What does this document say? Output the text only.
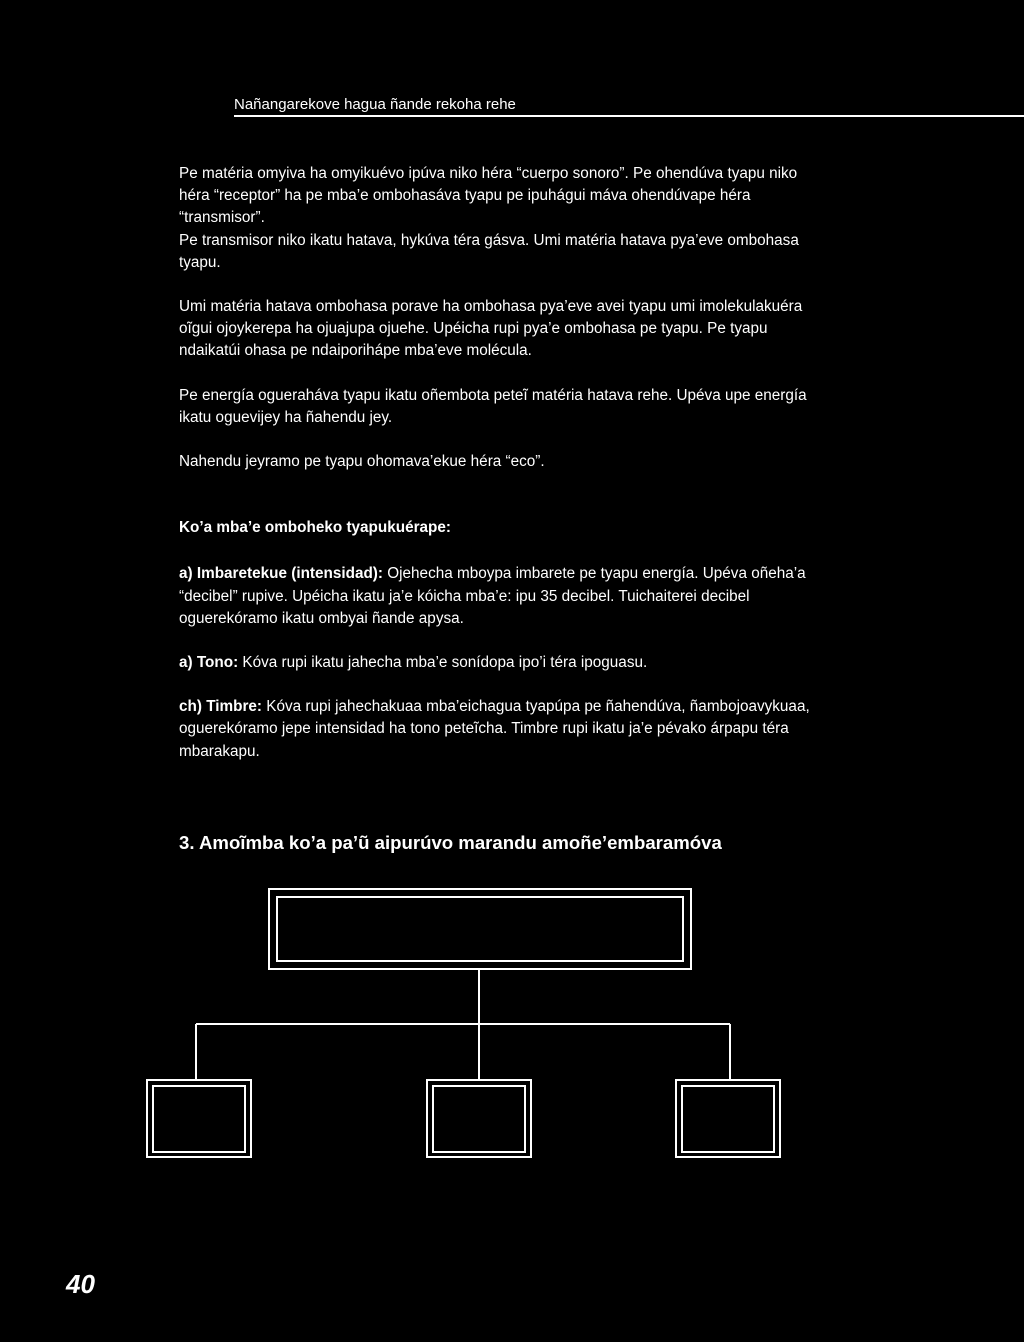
Nañangarekove hagua ñande rekoha rehe

Pe matéria omyiva ha omyikuévo ipúva niko héra “cuerpo sonoro”. Pe ohendúva tyapu niko héra “receptor” ha pe mba’e ombohasáva tyapu pe ipuhágui máva ohendúvape héra “transmisor”.

Pe transmisor niko ikatu hatava, hykúva téra gásva. Umi matéria hatava pya’eve ombohasa tyapu.

Umi matéria hatava ombohasa porave ha ombohasa pya’eve avei tyapu umi imolekulakuéra oĩgui ojoykerepa ha ojuajupa ojuehe. Upéicha rupi pya’e ombohasa pe tyapu. Pe tyapu ndaikatúi ohasa pe ndaiporihápe mba’eve molécula.

Pe energía oguerahávа tyapu ikatu oñembota peteĩ matéria hatava rehe. Upéva upe energía ikatu oguevijey ha ñahendu jey.

Nahendu jeyramo pe tyapu ohomava’ekue héra “eco”.

Ko’a mba’e omboheko tyapukuérape:

a) Imbaretekue (intensidad): Ojehecha mboypa imbarete pe tyapu energía. Upéva oñeha’a “decibel” rupive. Upéicha ikatu ja’e kóicha mba’e: ipu 35 decibel. Tuichaiterei decibel oguerekóramo ikatu ombyai ñande apysa.

a) Tono: Kóva rupi ikatu jahecha mba’e sonídopa ipo’i téra ipoguasu.

ch) Timbre: Kóva rupi jahechakuaa mba’eichagua tyapúpa pe ñahendúva, ñambojoavykuaa, oguerekóramo jepe intensidad ha tono peteĩcha. Timbre rupi ikatu ja’e pévako árpapu téra mbarakapu.

3. Amoĩmba ko’a pa’ũ aipurúvo marandu amoñe’embaramóva
40
